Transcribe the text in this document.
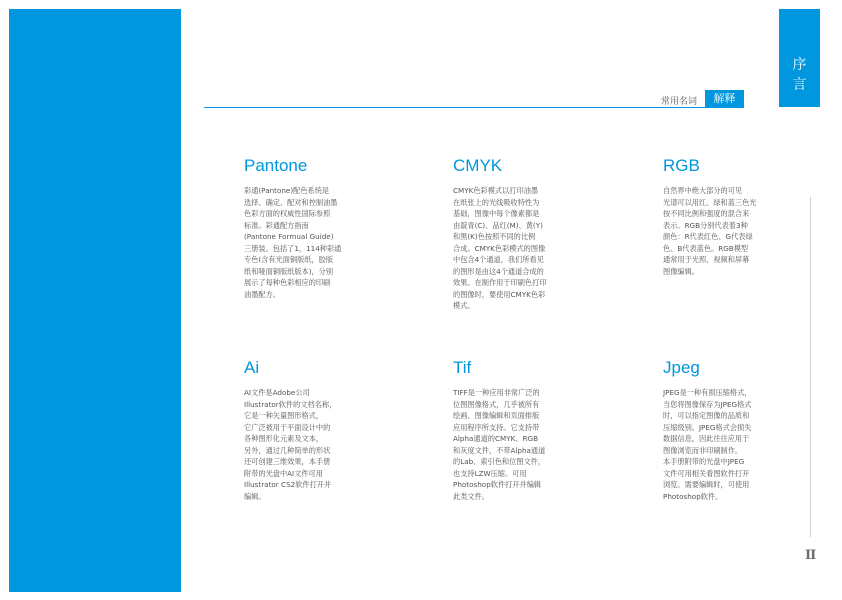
序
言
常用名词	解释
II
Pantone

彩通(Pantone)配色系统是
选择、确定、配对和控制油墨
色彩方面的权威性国际参照
标准。彩通配方指南
(Pantone Formual Guide)
三册装。包括了1，114种彩通
专色(含有光面铜版纸，胶版
纸和哑面铜版纸版本)，分别
展示了每种色彩相应的印刷
油墨配方。

CMYK

CMYK色彩模式以打印油墨
在纸张上的光线吸收特性为
基础，图像中每个像素都是
由靛青(C)、品红(M)、黄(Y)
和黑(K)色按照不同的比例
合成。CMYK色彩模式的图像
中包含4个通道，我们所看见
的图形是由这4个通道合成的
效果。在制作用于印刷色打印
的图像时，要使用CMYK色彩
模式。

RGB

自然界中绝大部分的可见
光谱可以用红、绿和蓝三色光
按不同比例和强度的混合来
表示。RGB分别代表着3种
颜色：R代表红色、G代表绿
色、B代表蓝色。RGB模型
通常用于光照、视频和屏幕
图像编辑。

Ai

AI文件是Adobe公司
Illustrator软件的文档名称，
它是一种矢量图形格式，
它广泛被用于平面设计中的
各种图形化元素及文本，
另外，通过几种简单的形状
还可创建三维效果，本手册
附带的光盘中AI文件可用
Illustrator CS2软件打开并
编辑。

Tif

TIFF是一种应用非常广泛的
位图图像格式，几乎被所有
绘画、图像编辑和页面排版
应用程序所支持。它支持带
Alpha通道的CMYK、RGB
和灰度文件，不带Alpha通道
的Lab、索引色和位图文件，
也支持LZW压缩。可用
Photoshop软件打开并编辑
此类文件。

Jpeg

JPEG是一种有损压缩格式，
当您将图像保存为JPEG格式
时，可以指定图像的品质和
压缩级别。JPEG格式会损失
数据信息，因此往往应用于
图像浏览而非印刷制作。
本手册附带的光盘中JPEG
文件可用相关看图软件打开
浏览。需要编辑时，可使用
Photoshop软件。
